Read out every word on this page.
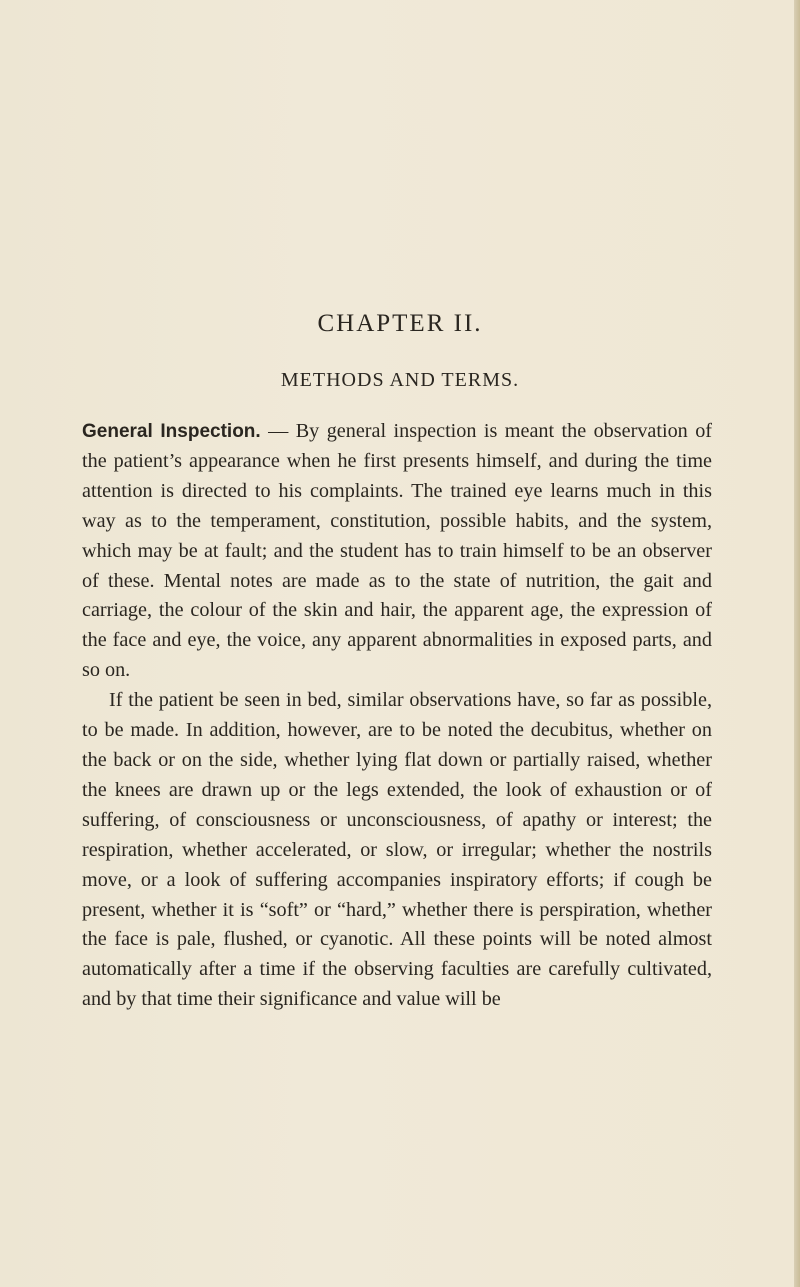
CHAPTER II.
METHODS AND TERMS.

General Inspection. — By general inspection is meant the observation of the patient’s appearance when he first presents himself, and during the time attention is directed to his complaints. The trained eye learns much in this way as to the temperament, constitution, possible habits, and the system, which may be at fault; and the student has to train himself to be an observer of these. Mental notes are made as to the state of nutrition, the gait and carriage, the colour of the skin and hair, the apparent age, the expression of the face and eye, the voice, any apparent abnormalities in exposed parts, and so on.

If the patient be seen in bed, similar observations have, so far as possible, to be made. In addition, however, are to be noted the decubitus, whether on the back or on the side, whether lying flat down or partially raised, whether the knees are drawn up or the legs extended, the look of exhaustion or of suffering, of consciousness or unconsciousness, of apathy or interest; the respiration, whether accelerated, or slow, or irregular; whether the nostrils move, or a look of suffering accompanies inspiratory efforts; if cough be present, whether it is “soft” or “hard,” whether there is perspiration, whether the face is pale, flushed, or cyanotic. All these points will be noted almost automatically after a time if the observing faculties are carefully cultivated, and by that time their significance and value will be
